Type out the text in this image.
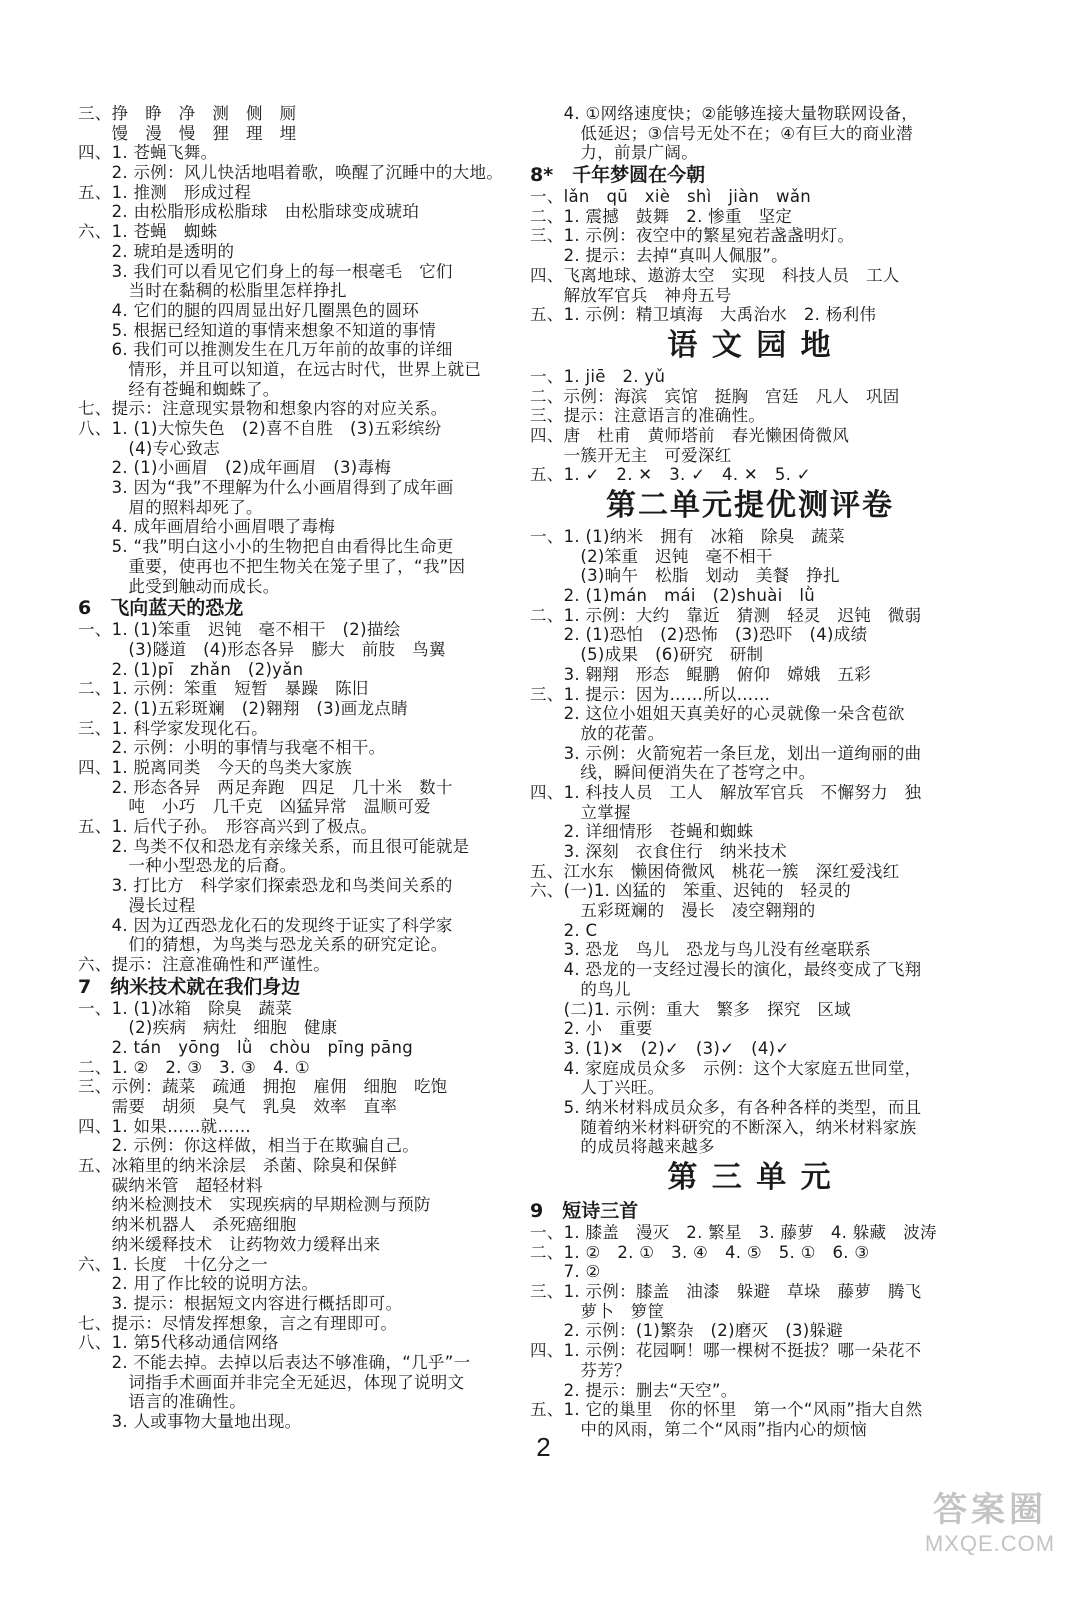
三、挣　睁　净　测　侧　厕
　　馒　漫　慢　狸　理　埋
四、1. 苍蝇飞舞。
　　2. 示例：风儿快活地唱着歌，唤醒了沉睡中的大地。
五、1. 推测　形成过程
　　2. 由松脂形成松脂球　由松脂球变成琥珀
六、1. 苍蝇　蜘蛛
　　2. 琥珀是透明的
　　3. 我们可以看见它们身上的每一根毫毛　它们
　　　当时在黏稠的松脂里怎样挣扎
　　4. 它们的腿的四周显出好几圈黑色的圆环
　　5. 根据已经知道的事情来想象不知道的事情
　　6. 我们可以推测发生在几万年前的故事的详细
　　　情形，并且可以知道，在远古时代，世界上就已
　　　经有苍蝇和蜘蛛了。
七、提示：注意现实景物和想象内容的对应关系。
八、1. (1)大惊失色　(2)喜不自胜　(3)五彩缤纷
　　　(4)专心致志
　　2. (1)小画眉　(2)成年画眉　(3)毒梅
　　3. 因为“我”不理解为什么小画眉得到了成年画
　　　眉的照料却死了。
　　4. 成年画眉给小画眉喂了毒梅
　　5. “我”明白这小小的生物把自由看得比生命更
　　　重要，使再也不把生物关在笼子里了，“我”因
　　　此受到触动而成长。
6　飞向蓝天的恐龙
一、1. (1)笨重　迟钝　毫不相干　(2)描绘
　　　(3)隧道　(4)形态各异　膨大　前肢　鸟翼
　　2. (1)pī　zhǎn　(2)yǎn
二、1. 示例：笨重　短暂　暴躁　陈旧
　　2. (1)五彩斑斓　(2)翱翔　(3)画龙点睛
三、1. 科学家发现化石。
　　2. 示例：小明的事情与我毫不相干。
四、1. 脱离同类　今天的鸟类大家族
　　2. 形态各异　两足奔跑　四足　几十米　数十
　　　吨　小巧　几千克　凶猛异常　温顺可爱
五、1. 后代子孙。　形容高兴到了极点。
　　2. 鸟类不仅和恐龙有亲缘关系，而且很可能就是
　　　一种小型恐龙的后裔。
　　3. 打比方　科学家们探索恐龙和鸟类间关系的
　　　漫长过程
　　4. 因为辽西恐龙化石的发现终于证实了科学家
　　　们的猜想，为鸟类与恐龙关系的研究定论。
六、提示：注意准确性和严谨性。
7　纳米技术就在我们身边
一、1. (1)冰箱　除臭　蔬菜
　　　(2)疾病　病灶　细胞　健康
　　2. tán　yōng　lǜ　chòu　pīng pāng
二、1. ②　2. ③　3. ③　4. ①
三、示例：蔬菜　疏通　拥抱　雇佣　细胞　吃饱
　　需要　胡须　臭气　乳臭　效率　直率
四、1. 如果……就……
　　2. 示例：你这样做，相当于在欺骗自己。
五、冰箱里的纳米涂层　杀菌、除臭和保鲜
　　碳纳米管　超轻材料
　　纳米检测技术　实现疾病的早期检测与预防
　　纳米机器人　杀死癌细胞
　　纳米缓释技术　让药物效力缓释出来
六、1. 长度　十亿分之一
　　2. 用了作比较的说明方法。
　　3. 提示：根据短文内容进行概括即可。
七、提示：尽情发挥想象，言之有理即可。
八、1. 第5代移动通信网络
　　2. 不能去掉。去掉以后表达不够准确，“几乎”一
　　　词指手术画面并非完全无延迟，体现了说明文
　　　语言的准确性。
　　3. 人或事物大量地出现。
　　4. ①网络速度快；②能够连接大量物联网设备，
　　　低延迟；③信号无处不在；④有巨大的商业潜
　　　力，前景广阔。
8*　千年梦圆在今朝
一、lǎn　qū　xiè　shì　jiàn　wǎn
二、1. 震撼　鼓舞　2. 惨重　坚定
三、1. 示例：夜空中的繁星宛若盏盏明灯。
　　2. 提示：去掉“真叫人佩服”。
四、飞离地球、遨游太空　实现　科技人员　工人
　　解放军官兵　神舟五号
五、1. 示例：精卫填海　大禹治水　2. 杨利伟
语 文 园 地
一、1. jiē　2. yǔ
二、示例：海滨　宾馆　挺胸　宫廷　凡人　巩固
三、提示：注意语言的准确性。
四、唐　杜甫　黄师塔前　春光懒困倚微风
　　一簇开无主　可爱深红
五、1. ✓　2. ✕　3. ✓　4. ✕　5. ✓
第二单元提优测评卷
一、1. (1)纳米　拥有　冰箱　除臭　蔬菜
　　　(2)笨重　迟钝　毫不相干
　　　(3)晌午　松脂　划动　美餐　挣扎
　　2. (1)mán　mái　(2)shuài　lǜ
二、1. 示例：大约　靠近　猜测　轻灵　迟钝　微弱
　　2. (1)恐怕　(2)恐怖　(3)恐吓　(4)成绩
　　　(5)成果　(6)研究　研制
　　3. 翱翔　形态　鲲鹏　俯仰　嫦娥　五彩
三、1. 提示：因为……所以……
　　2. 这位小姐姐天真美好的心灵就像一朵含苞欲
　　　放的花蕾。
　　3. 示例：火箭宛若一条巨龙，划出一道绚丽的曲
　　　线，瞬间便消失在了苍穹之中。
四、1. 科技人员　工人　解放军官兵　不懈努力　独
　　　立掌握
　　2. 详细情形　苍蝇和蜘蛛
　　3. 深刻　衣食住行　纳米技术
五、江水东　懒困倚微风　桃花一簇　深红爱浅红
六、(一)1. 凶猛的　笨重、迟钝的　轻灵的
　　　五彩斑斓的　漫长　凌空翱翔的
　　2. C
　　3. 恐龙　鸟儿　恐龙与鸟儿没有丝毫联系
　　4. 恐龙的一支经过漫长的演化，最终变成了飞翔
　　　的鸟儿
　　(二)1. 示例：重大　繁多　探究　区域
　　2. 小　重要
　　3. (1)✕　(2)✓　(3)✓　(4)✓
　　4. 家庭成员众多　示例：这个大家庭五世同堂，
　　　人丁兴旺。
　　5. 纳米材料成员众多，有各种各样的类型，而且
　　　随着纳米材料研究的不断深入，纳米材料家族
　　　的成员将越来越多
第 三 单 元
9　短诗三首
一、1. 膝盖　漫灭　2. 繁星　3. 藤萝　4. 躲藏　波涛
二、1. ②　2. ①　3. ④　4. ⑤　5. ①　6. ③
　　7. ②
三、1. 示例：膝盖　油漆　躲避　草垛　藤萝　腾飞
　　　萝卜　箩筐
　　2. 示例：(1)繁杂　(2)磨灭　(3)躲避
四、1. 示例：花园啊！哪一棵树不挺拔？哪一朵花不
　　　芬芳？
　　2. 提示：删去“天空”。
五、1. 它的巢里　你的怀里　第一个“风雨”指大自然
　　　中的风雨，第二个“风雨”指内心的烦恼
2
答案圈
MXQE.COM
